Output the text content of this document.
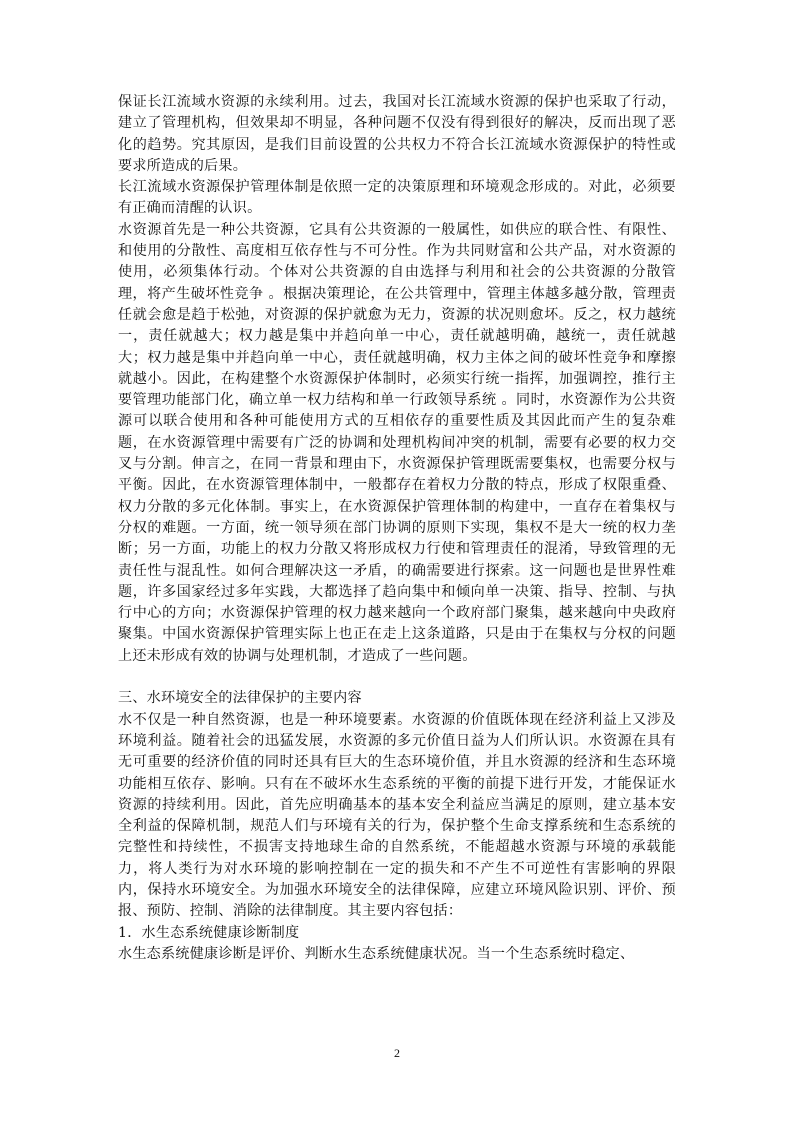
保证长江流域水资源的永续利用。过去，我国对长江流域水资源的保护也采取了行动，建立了管理机构，但效果却不明显，各种问题不仅没有得到很好的解决，反而出现了恶化的趋势。究其原因，是我们目前设置的公共权力不符合长江流域水资源保护的特性或要求所造成的后果。

长江流域水资源保护管理体制是依照一定的决策原理和环境观念形成的。对此，必须要有正确而清醒的认识。

水资源首先是一种公共资源，它具有公共资源的一般属性，如供应的联合性、有限性、和使用的分散性、高度相互依存性与不可分性。作为共同财富和公共产品，对水资源的使用，必须集体行动。个体对公共资源的自由选择与利用和社会的公共资源的分散管理，将产生破坏性竞争 。根据决策理论，在公共管理中，管理主体越多越分散，管理责任就会愈是趋于松弛，对资源的保护就愈为无力，资源的状况则愈坏。反之，权力越统一，责任就越大；权力越是集中并趋向单一中心，责任就越明确，越统一，责任就越大；权力越是集中并趋向单一中心，责任就越明确，权力主体之间的破坏性竞争和摩擦就越小。因此，在构建整个水资源保护体制时，必须实行统一指挥，加强调控，推行主要管理功能部门化，确立单一权力结构和单一行政领导系统 。同时，水资源作为公共资源可以联合使用和各种可能使用方式的互相依存的重要性质及其因此而产生的复杂难题，在水资源管理中需要有广泛的协调和处理机构间冲突的机制，需要有必要的权力交叉与分割。伸言之，在同一背景和理由下，水资源保护管理既需要集权，也需要分权与平衡。因此，在水资源管理体制中，一般都存在着权力分散的特点，形成了权限重叠、权力分散的多元化体制。事实上，在水资源保护管理体制的构建中，一直存在着集权与分权的难题。一方面，统一领导须在部门协调的原则下实现，集权不是大一统的权力垄断；另一方面，功能上的权力分散又将形成权力行使和管理责任的混淆，导致管理的无责任性与混乱性。如何合理解决这一矛盾，的确需要进行探索。这一问题也是世界性难题，许多国家经过多年实践，大都选择了趋向集中和倾向单一决策、指导、控制、与执行中心的方向；水资源保护管理的权力越来越向一个政府部门聚集，越来越向中央政府聚集。中国水资源保护管理实际上也正在走上这条道路，只是由于在集权与分权的问题上还未形成有效的协调与处理机制，才造成了一些问题。

三、水环境安全的法律保护的主要内容

水不仅是一种自然资源，也是一种环境要素。水资源的价值既体现在经济利益上又涉及环境利益。随着社会的迅猛发展，水资源的多元价值日益为人们所认识。水资源在具有无可重要的经济价值的同时还具有巨大的生态环境价值，并且水资源的经济和生态环境功能相互依存、影响。只有在不破坏水生态系统的平衡的前提下进行开发，才能保证水资源的持续利用。因此，首先应明确基本的基本安全利益应当满足的原则，建立基本安全利益的保障机制，规范人们与环境有关的行为，保护整个生命支撑系统和生态系统的完整性和持续性，不损害支持地球生命的自然系统，不能超越水资源与环境的承载能力，将人类行为对水环境的影响控制在一定的损失和不产生不可逆性有害影响的界限内，保持水环境安全。为加强水环境安全的法律保障，应建立环境风险识别、评价、预报、预防、控制、消除的法律制度。其主要内容包括：

1．水生态系统健康诊断制度

水生态系统健康诊断是评价、判断水生态系统健康状况。当一个生态系统时稳定、

2
